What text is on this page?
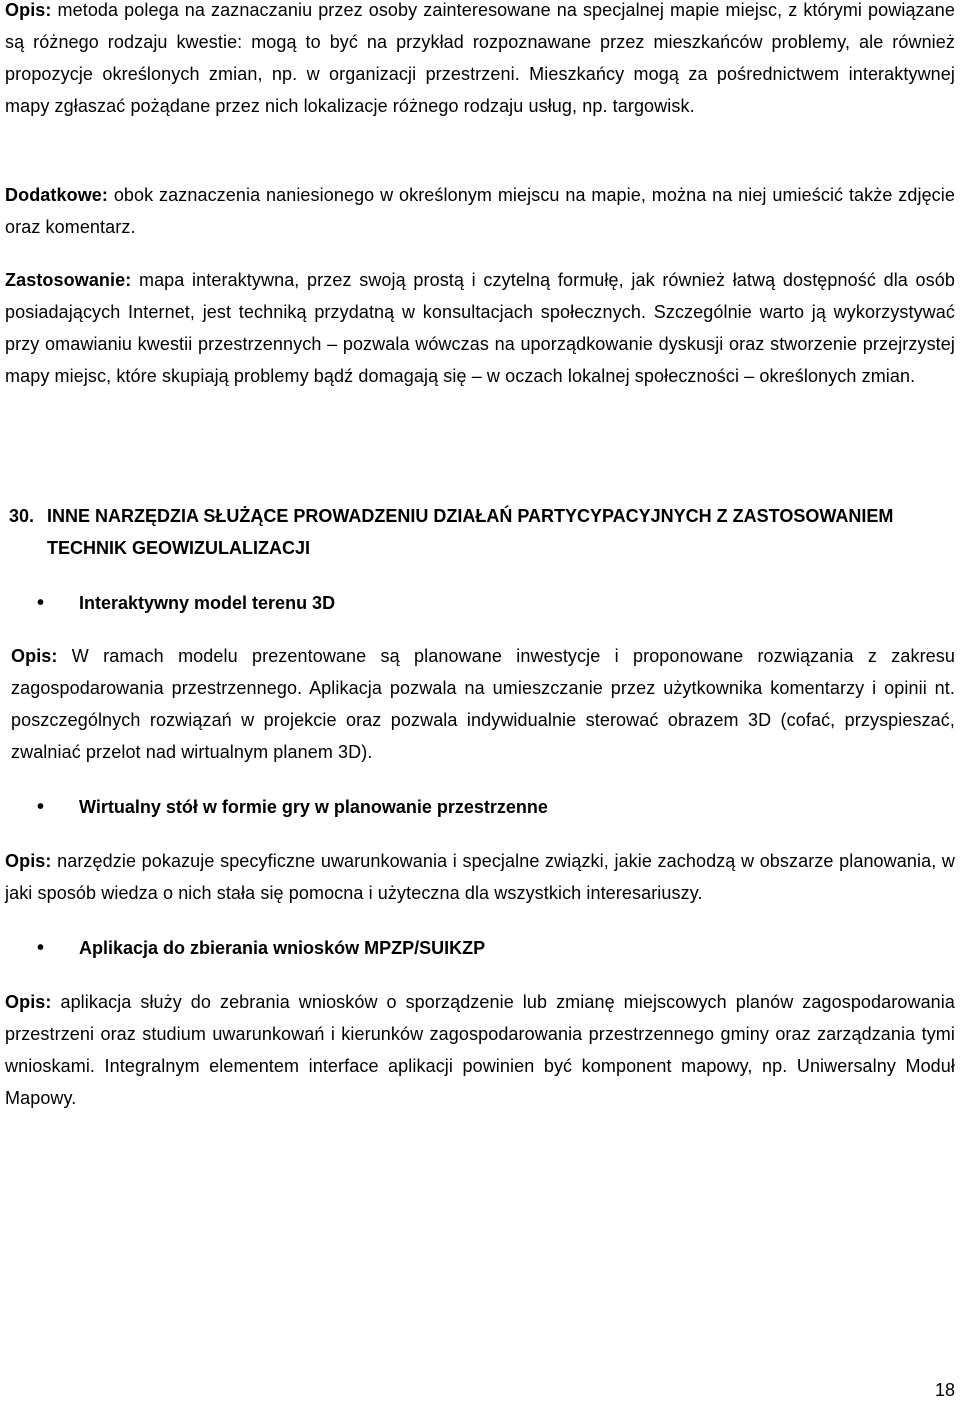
Opis: metoda polega na zaznaczaniu przez osoby zainteresowane na specjalnej mapie miejsc, z którymi powiązane są różnego rodzaju kwestie: mogą to być na przykład rozpoznawane przez mieszkańców problemy, ale również propozycje określonych zmian, np. w organizacji przestrzeni. Mieszkańcy mogą za pośrednictwem interaktywnej mapy zgłaszać pożądane przez nich lokalizacje różnego rodzaju usług, np. targowisk.

Dodatkowe: obok zaznaczenia naniesionego w określonym miejscu na mapie, można na niej umieścić także zdjęcie oraz komentarz.

Zastosowanie: mapa interaktywna, przez swoją prostą i czytelną formułę, jak również łatwą dostępność dla osób posiadających Internet, jest techniką przydatną w konsultacjach społecznych. Szczególnie warto ją wykorzystywać przy omawianiu kwestii przestrzennych – pozwala wówczas na uporządkowanie dyskusji oraz stworzenie przejrzystej mapy miejsc, które skupiają problemy bądź domagają się – w oczach lokalnej społeczności – określonych zmian.

30. INNE NARZĘDZIA SŁUŻĄCE PROWADZENIU DZIAŁAŃ PARTYCYPACYJNYCH Z ZASTOSOWANIEM
TECHNIK GEOWIZULALIZACJI
• Interaktywny model terenu 3D

Opis: W ramach modelu prezentowane są planowane inwestycje i proponowane rozwiązania z zakresu zagospodarowania przestrzennego. Aplikacja pozwala na umieszczanie przez użytkownika komentarzy i opinii nt. poszczególnych rozwiązań w projekcie oraz pozwala indywidualnie sterować obrazem 3D (cofać, przyspieszać, zwalniać przelot nad wirtualnym planem 3D).

• Wirtualny stół w formie gry w planowanie przestrzenne

Opis: narzędzie pokazuje specyficzne uwarunkowania i specjalne związki, jakie zachodzą w obszarze planowania, w jaki sposób wiedza o nich stała się pomocna i użyteczna dla wszystkich interesariuszy.

• Aplikacja do zbierania wniosków MPZP/SUIKZP

Opis: aplikacja służy do zebrania wniosków o sporządzenie lub zmianę miejscowych planów zagospodarowania przestrzeni oraz studium uwarunkowań i kierunków zagospodarowania przestrzennego gminy oraz zarządzania tymi wnioskami. Integralnym elementem interface aplikacji powinien być komponent mapowy, np. Uniwersalny Moduł Mapowy.

18
